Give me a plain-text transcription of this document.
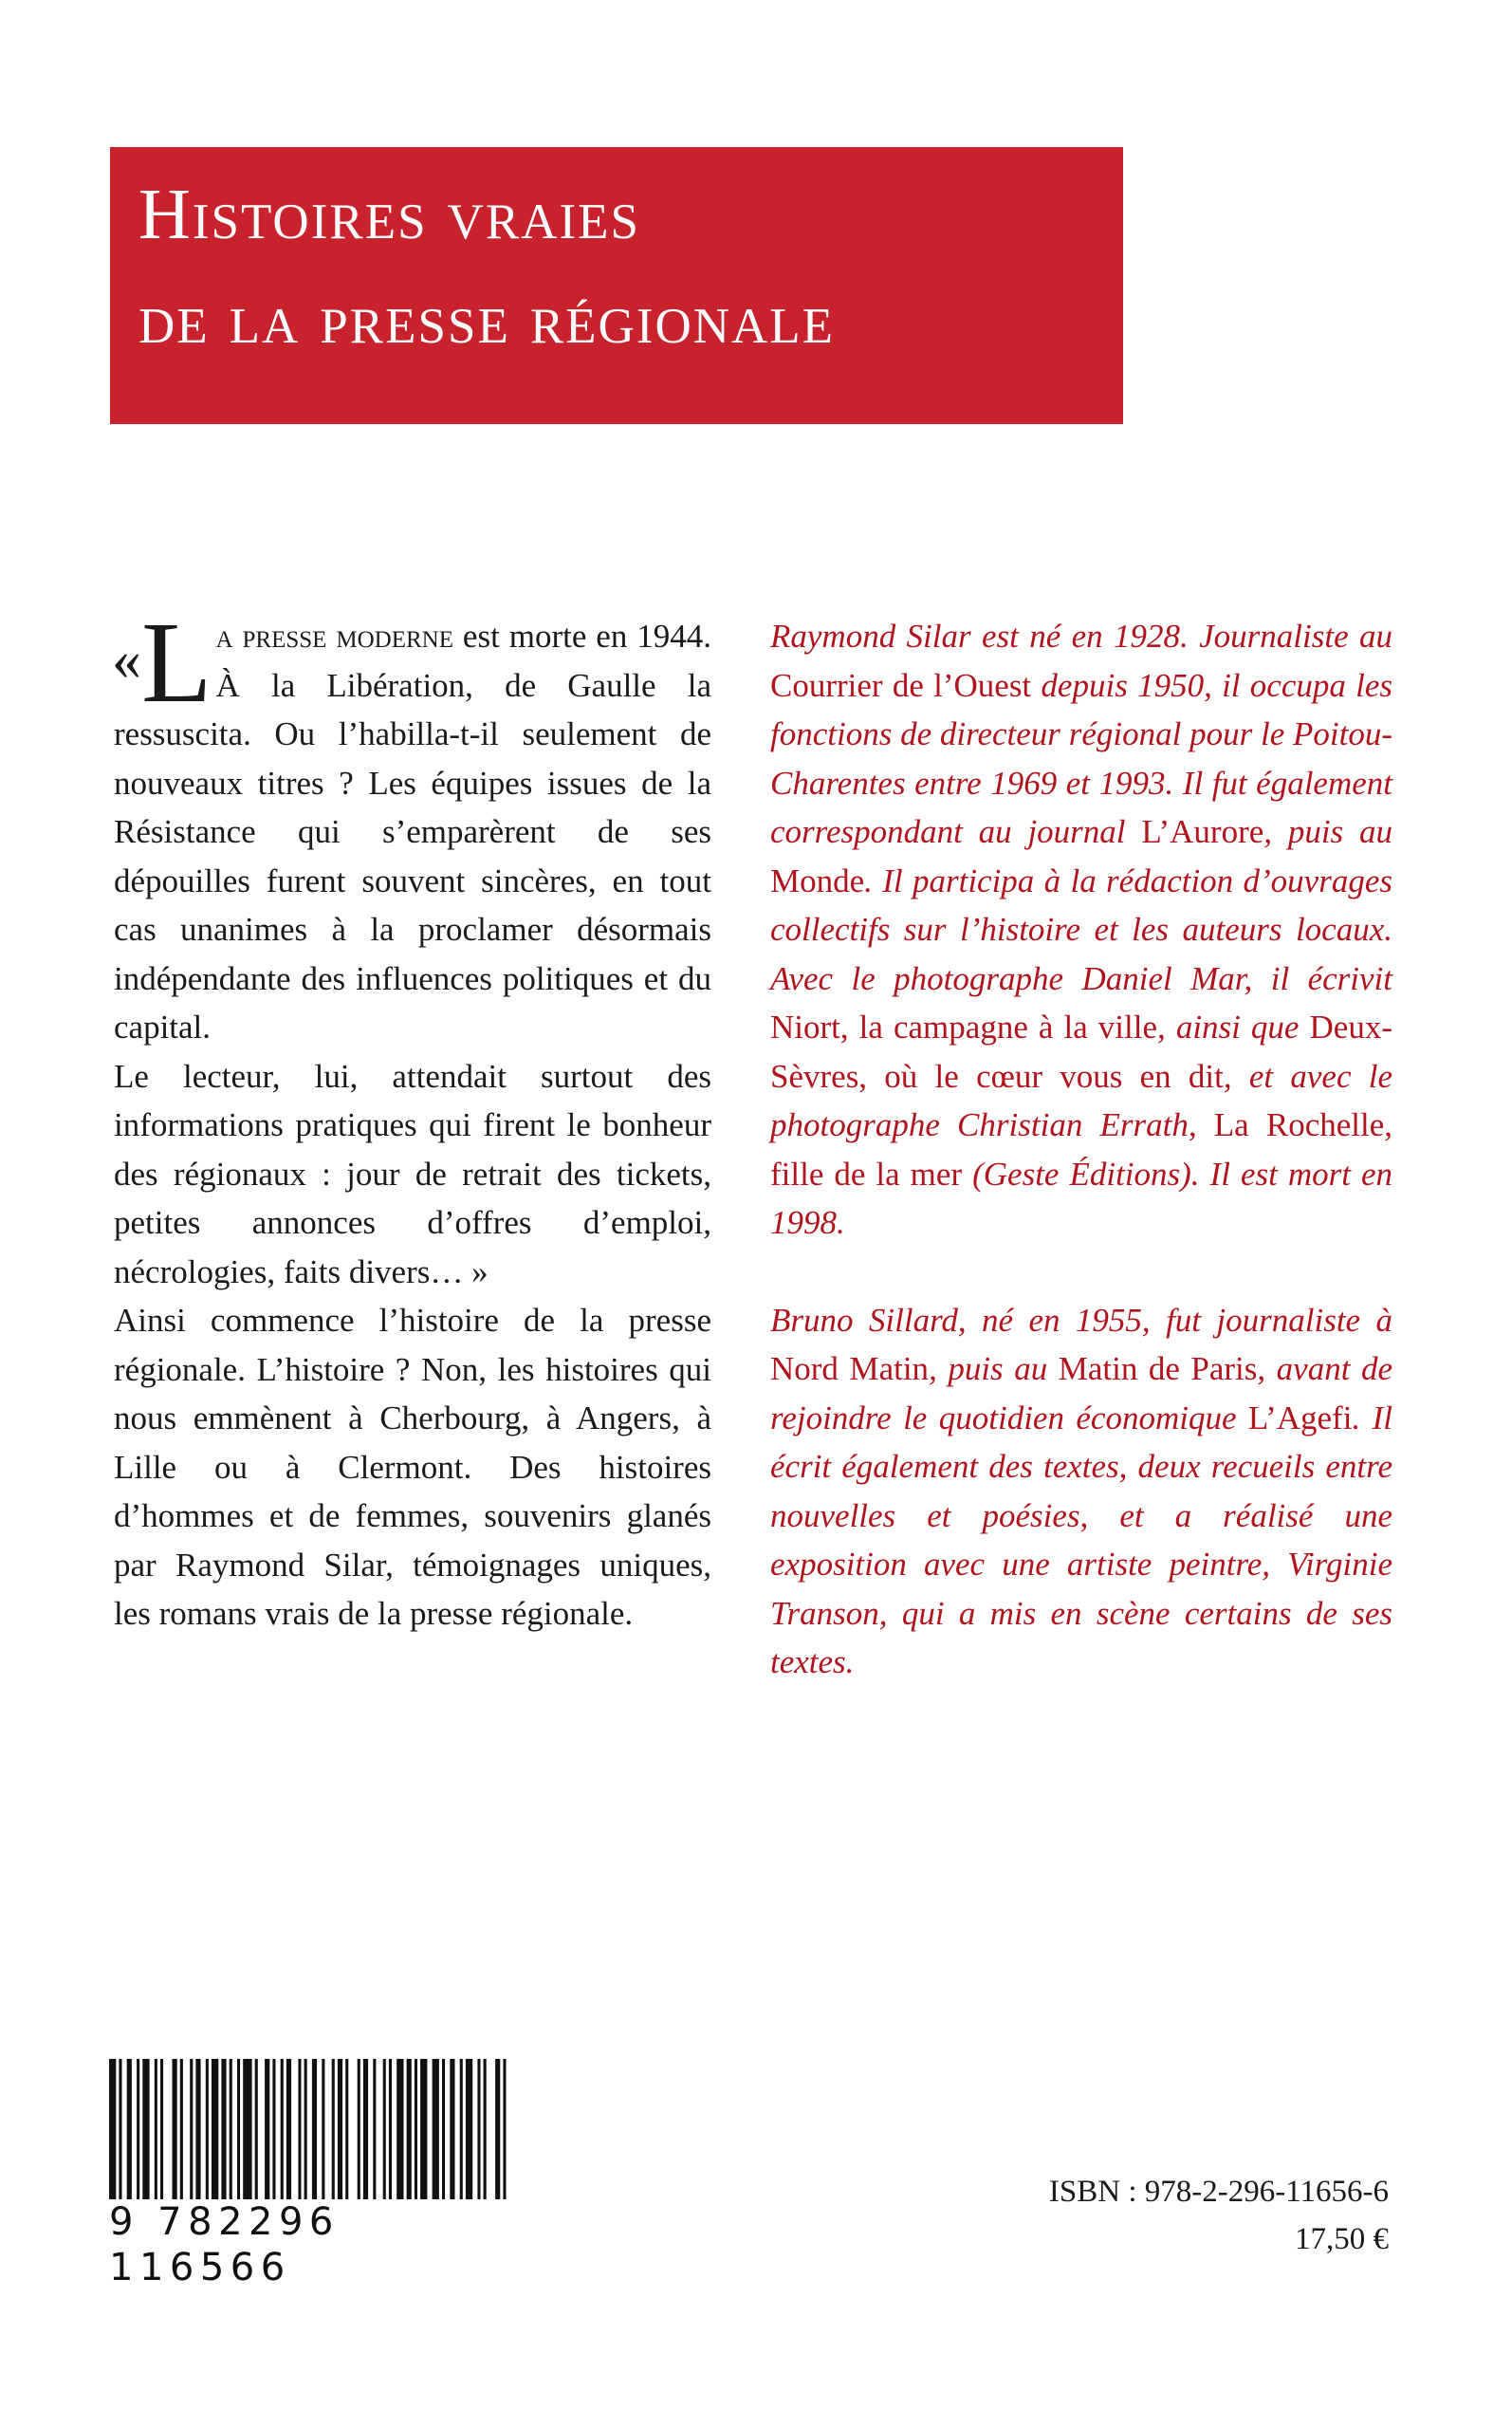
Histoires vraies
de la presse régionale

«L a presse moderne est morte en 1944. À la Libération, de Gaulle la ressuscita. Ou l’habilla-t-il seulement de nouveaux titres ? Les équipes issues de la Résistance qui s’emparèrent de ses dépouilles furent souvent sincères, en tout cas unanimes à la proclamer désormais indépendante des influences politiques et du capital.

Le lecteur, lui, attendait surtout des informations pratiques qui firent le bonheur des régionaux : jour de retrait des tickets, petites annonces d’offres d’emploi, nécrologies, faits divers… »

Ainsi commence l’histoire de la presse régionale. L’histoire ? Non, les histoires qui nous emmènent à Cherbourg, à Angers, à Lille ou à Clermont. Des histoires d’hommes et de femmes, souvenirs glanés par Raymond Silar, témoignages uniques, les romans vrais de la presse régionale.

Raymond Silar est né en 1928. Journaliste au Courrier de l’Ouest depuis 1950, il occupa les fonctions de directeur régional pour le Poitou-Charentes entre 1969 et 1993. Il fut également correspondant au journal L’Aurore, puis au Monde. Il participa à la rédaction d’ouvrages collectifs sur l’histoire et les auteurs locaux. Avec le photographe Daniel Mar, il écrivit Niort, la campagne à la ville, ainsi que Deux-Sèvres, où le cœur vous en dit, et avec le photographe Christian Errath, La Rochelle, fille de la mer (Geste Éditions). Il est mort en 1998.

Bruno Sillard, né en 1955, fut journaliste à Nord Matin, puis au Matin de Paris, avant de rejoindre le quotidien économique L’Agefi. Il écrit également des textes, deux recueils entre nouvelles et poésies, et a réalisé une exposition avec une artiste peintre, Virginie Transon, qui a mis en scène certains de ses textes.

9 782296 116566
ISBN : 978-2-296-11656-6
17,50 €
